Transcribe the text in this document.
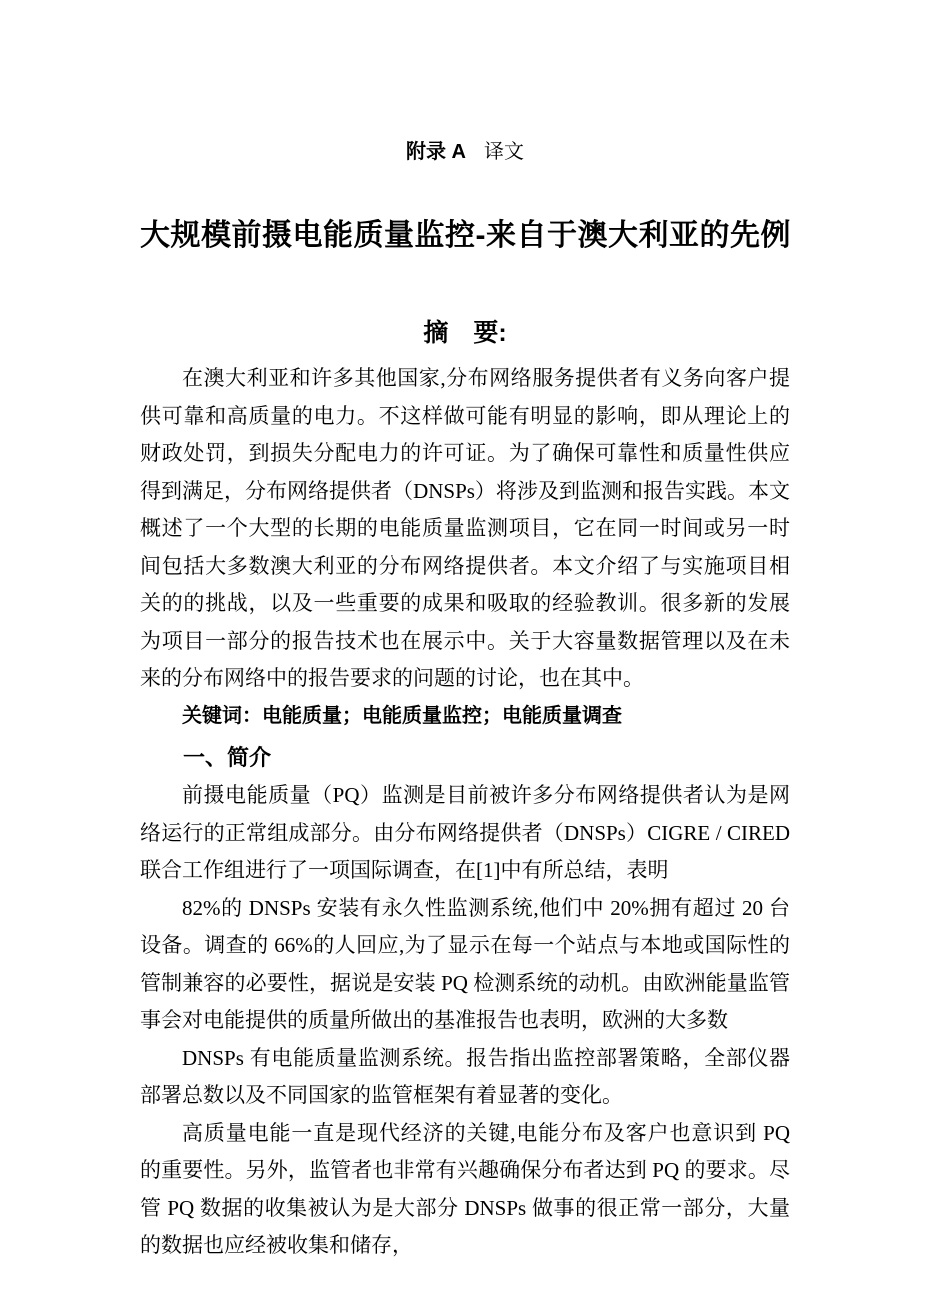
附录 A 译文
大规模前摄电能质量监控-来自于澳大利亚的先例
摘　要:

在澳大利亚和许多其他国家,分布网络服务提供者有义务向客户提供可靠和高质量的电力。不这样做可能有明显的影响，即从理论上的财政处罚，到损失分配电力的许可证。为了确保可靠性和质量性供应得到满足，分布网络提供者（DNSPs）将涉及到监测和报告实践。本文概述了一个大型的长期的电能质量监测项目，它在同一时间或另一时间包括大多数澳大利亚的分布网络提供者。本文介绍了与实施项目相关的的挑战，以及一些重要的成果和吸取的经验教训。很多新的发展为项目一部分的报告技术也在展示中。关于大容量数据管理以及在未来的分布网络中的报告要求的问题的讨论，也在其中。

关键词：电能质量；电能质量监控；电能质量调查

一、简介

前摄电能质量（PQ）监测是目前被许多分布网络提供者认为是网络运行的正常组成部分。由分布网络提供者（DNSPs）CIGRE / CIRED 联合工作组进行了一项国际调查，在[1]中有所总结，表明

82%的 DNSPs 安装有永久性监测系统,他们中 20%拥有超过 20 台设备。调查的 66%的人回应,为了显示在每一个站点与本地或国际性的管制兼容的必要性，据说是安装 PQ 检测系统的动机。由欧洲能量监管事会对电能提供的质量所做出的基准报告也表明，欧洲的大多数

DNSPs 有电能质量监测系统。报告指出监控部署策略，全部仪器部署总数以及不同国家的监管框架有着显著的变化。

高质量电能一直是现代经济的关键,电能分布及客户也意识到 PQ 的重要性。另外，监管者也非常有兴趣确保分布者达到 PQ 的要求。尽管 PQ 数据的收集被认为是大部分 DNSPs 做事的很正常一部分，大量的数据也应经被收集和储存，
